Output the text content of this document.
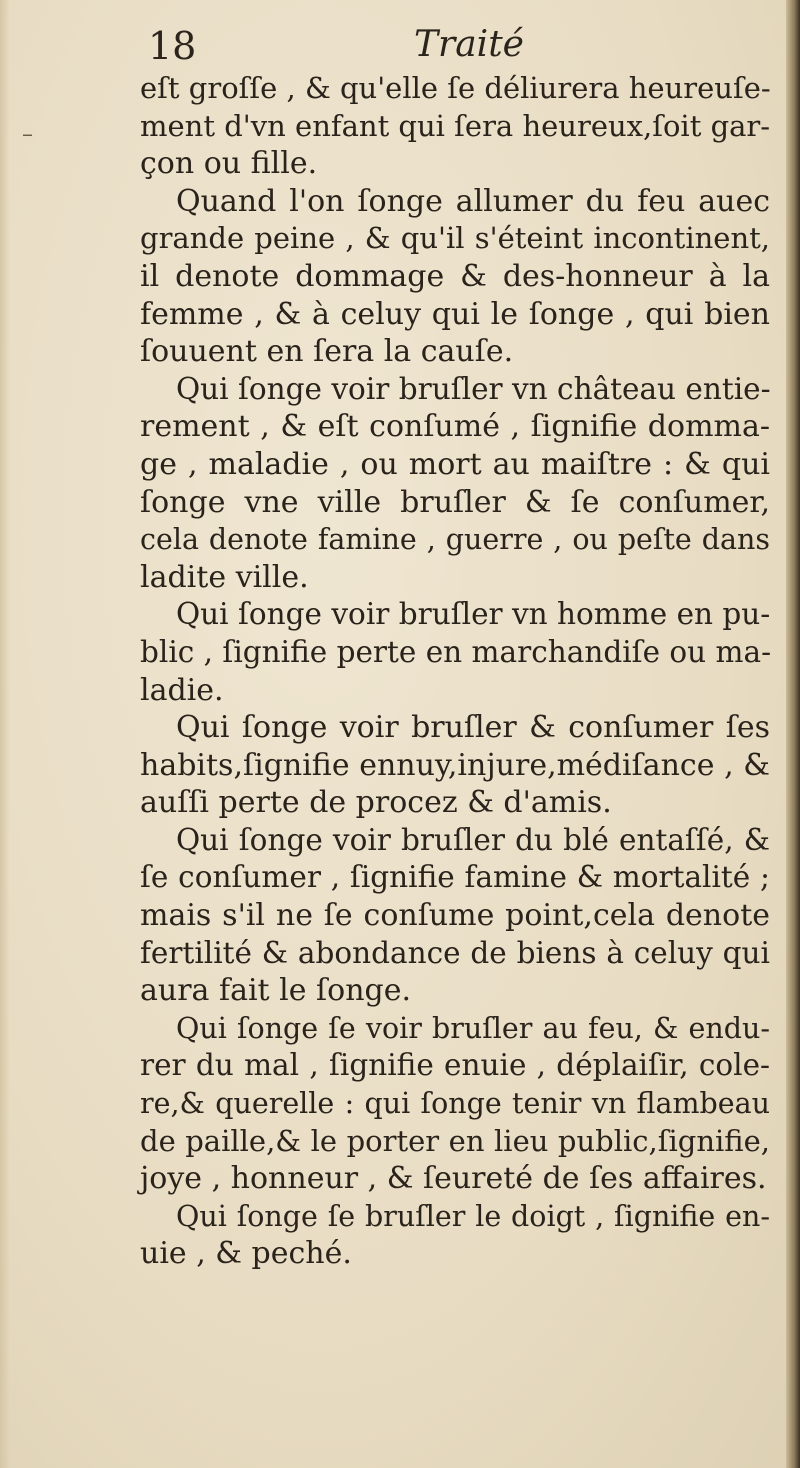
–
18	Traité
eſt groſſe , & qu'elle ſe déliurera heureuſe-
ment d'vn enfant qui ſera heureux,ſoit gar-
çon ou fille.
Quand l'on ſonge allumer du feu auec
grande peine , & qu'il s'éteint incontinent,
il denote dommage & des-honneur à la
femme , & à celuy qui le ſonge , qui bien
ſouuent en ſera la cauſe.
Qui ſonge voir bruſler vn château entie-
rement , & eſt conſumé , ſignifie domma-
ge , maladie , ou mort au maiſtre : & qui
ſonge vne ville bruſler & ſe conſumer,
cela denote famine , guerre , ou peſte dans
ladite ville.
Qui ſonge voir bruſler vn homme en pu-
blic , ſignifie perte en marchandiſe ou ma-
ladie.
Qui ſonge voir bruſler & conſumer ſes
habits,ſignifie ennuy,injure,médiſance , &
auſſi perte de procez & d'amis.
Qui ſonge voir bruſler du blé entaſſé, &
ſe conſumer , ſignifie famine & mortalité ;
mais s'il ne ſe conſume point,cela denote
fertilité & abondance de biens à celuy qui
aura fait le ſonge.
Qui ſonge ſe voir bruſler au feu, & endu-
rer du mal , ſignifie enuie , déplaiſir, cole-
re,& querelle : qui ſonge tenir vn flambeau
de paille,& le porter en lieu public,ſignifie,
joye , honneur , & ſeureté de ſes affaires.
Qui ſonge ſe bruſler le doigt , ſignifie en-
uie , & peché.
